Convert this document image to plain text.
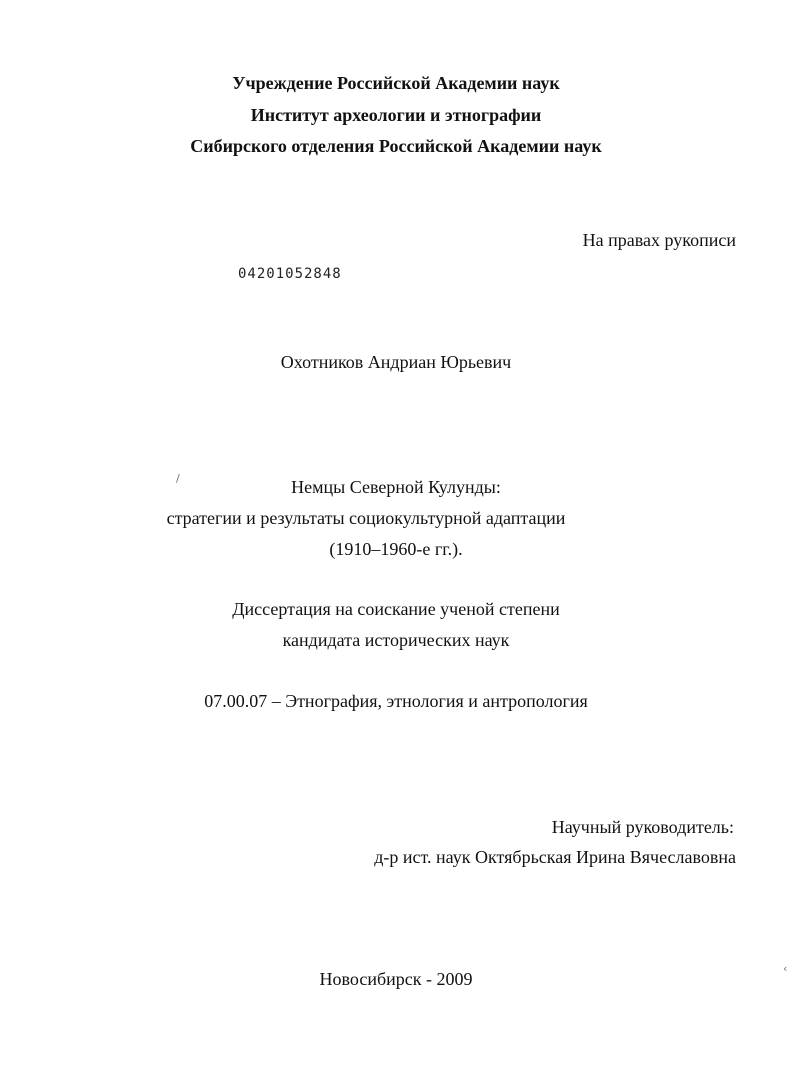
Учреждение Российской Академии наук
Институт археологии и этнографии
Сибирского отделения Российской Академии наук
На правах рукописи
04201052848
Охотников Андриан Юрьевич
/	Немцы Северной Кулунды:
стратегии и результаты социокультурной адаптации
(1910–1960-е гг.).
Диссертация на соискание ученой степени
кандидата исторических наук
07.00.07 – Этнография, этнология и антропология
Научный руководитель:
д-р ист. наук Октябрьская Ирина Вячеславовна
‹
Новосибирск - 2009
